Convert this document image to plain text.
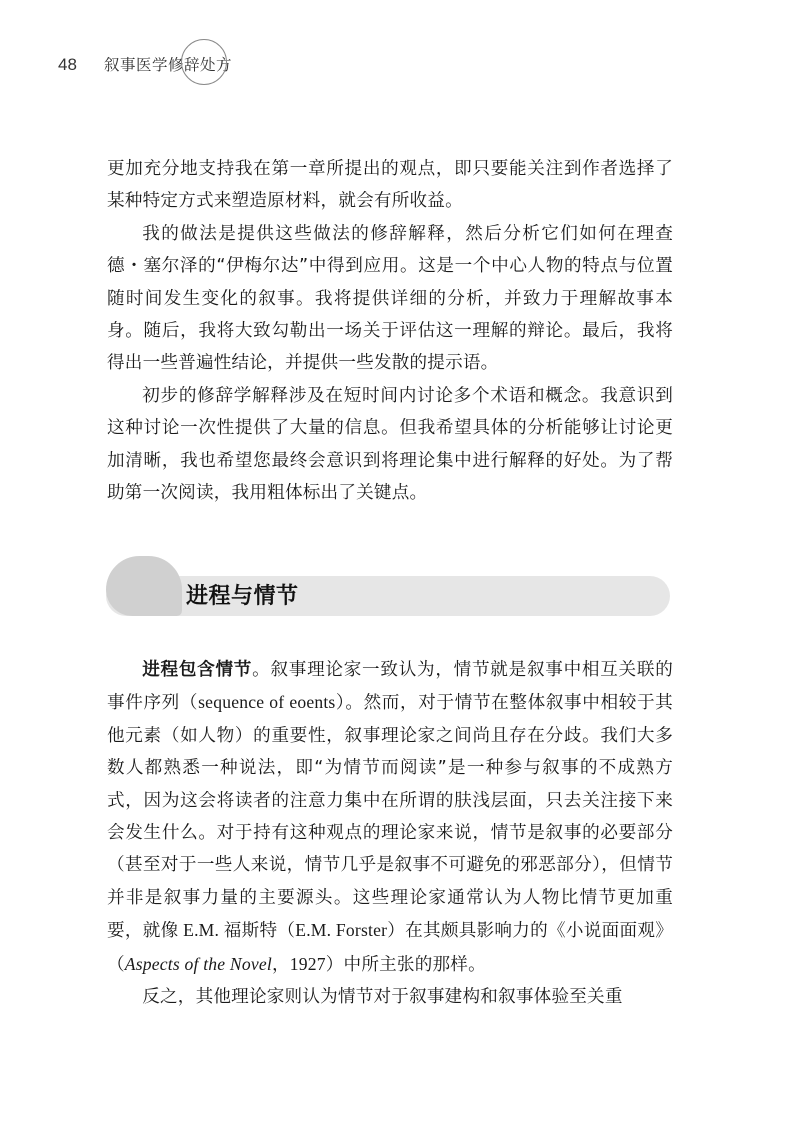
48 叙事医学修辞处方

更加充分地支持我在第一章所提出的观点，即只要能关注到作者选择了某种特定方式来塑造原材料，就会有所收益。

我的做法是提供这些做法的修辞解释，然后分析它们如何在理查德・塞尔泽的“伊梅尔达”中得到应用。这是一个中心人物的特点与位置随时间发生变化的叙事。我将提供详细的分析，并致力于理解故事本身。随后，我将大致勾勒出一场关于评估这一理解的辩论。最后，我将得出一些普遍性结论，并提供一些发散的提示语。

初步的修辞学解释涉及在短时间内讨论多个术语和概念。我意识到这种讨论一次性提供了大量的信息。但我希望具体的分析能够让讨论更加清晰，我也希望您最终会意识到将理论集中进行解释的好处。为了帮助第一次阅读，我用粗体标出了关键点。

进程与情节

进程包含情节。叙事理论家一致认为，情节就是叙事中相互关联的事件序列（sequence of eoents）。然而，对于情节在整体叙事中相较于其他元素（如人物）的重要性，叙事理论家之间尚且存在分歧。我们大多数人都熟悉一种说法，即“为情节而阅读”是一种参与叙事的不成熟方式，因为这会将读者的注意力集中在所谓的肤浅层面，只去关注接下来会发生什么。对于持有这种观点的理论家来说，情节是叙事的必要部分（甚至对于一些人来说，情节几乎是叙事不可避免的邪恶部分），但情节并非是叙事力量的主要源头。这些理论家通常认为人物比情节更加重要，就像 E.M. 福斯特（E.M. Forster）在其颇具影响力的《小说面面观》（Aspects of the Novel，1927）中所主张的那样。

反之，其他理论家则认为情节对于叙事建构和叙事体验至关重
